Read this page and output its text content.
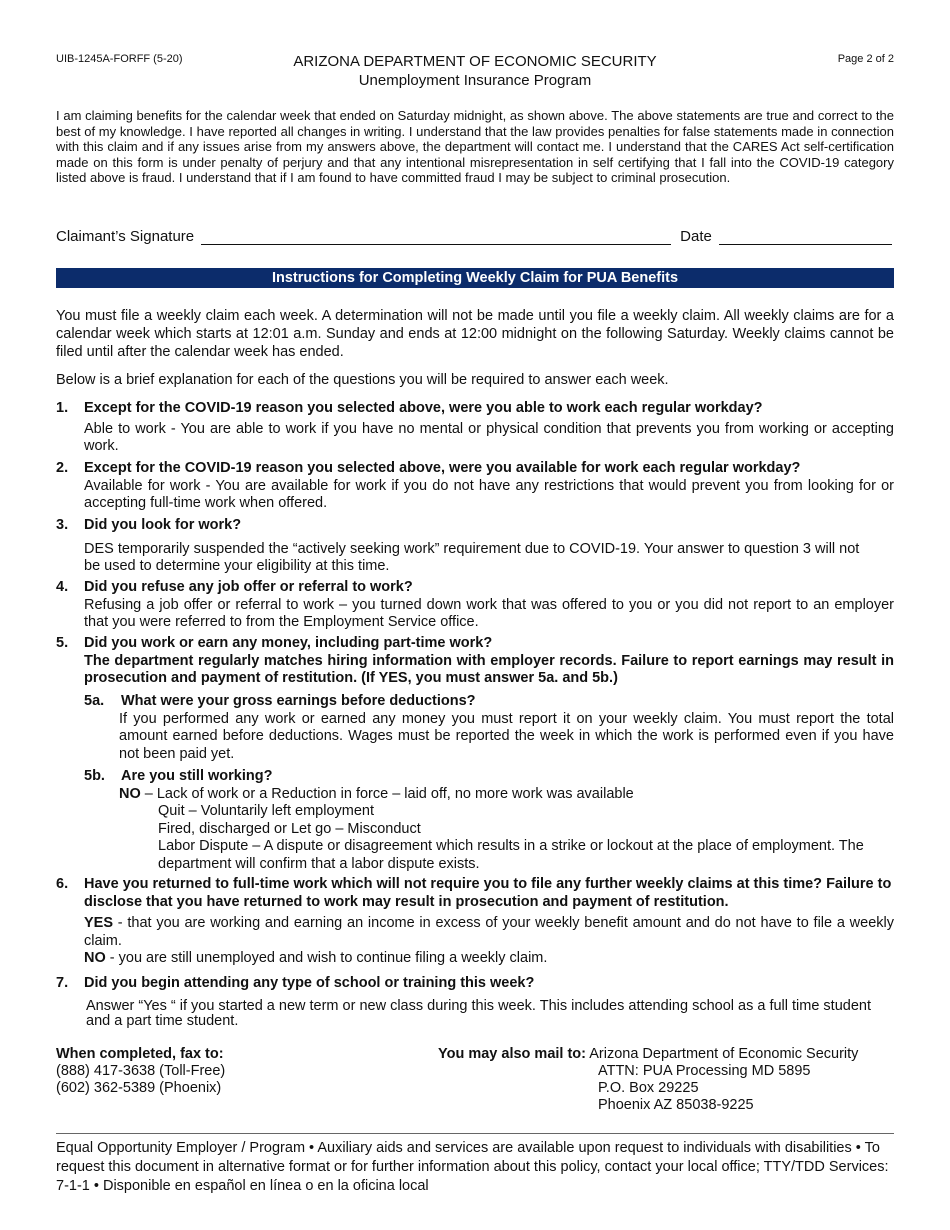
UIB-1245A-FORFF (5-20)	ARIZONA DEPARTMENT OF ECONOMIC SECURITY
Unemployment Insurance Program
Page 2 of 2
I am claiming benefits for the calendar week that ended on Saturday midnight, as shown above. The above statements are true and correct to the best of my knowledge. I have reported all changes in writing. I understand that the law provides penalties for false statements made in connection with this claim and if any issues arise from my answers above, the department will contact me. I understand that the CARES Act self-certification made on this form is under penalty of perjury and that any intentional misrepresentation in self certifying that I fall into the COVID-19 category listed above is fraud. I understand that if I am found to have committed fraud I may be subject to criminal prosecution.
Claimant’s Signature	Date
Instructions for Completing Weekly Claim for PUA Benefits
You must file a weekly claim each week. A determination will not be made until you file a weekly claim. All weekly claims are for a calendar week which starts at 12:01 a.m. Sunday and ends at 12:00 midnight on the following Saturday. Weekly claims cannot be filed until after the calendar week has ended.
Below is a brief explanation for each of the questions you will be required to answer each week.
1. Except for the COVID-19 reason you selected above, were you able to work each regular workday?
Able to work - You are able to work if you have no mental or physical condition that prevents you from working or accepting work.
2. Except for the COVID-19 reason you selected above, were you available for work each regular workday?
Available for work - You are available for work if you do not have any restrictions that would prevent you from looking for or accepting full-time work when offered.
3. Did you look for work?
DES temporarily suspended the “actively seeking work” requirement due to COVID-19. Your answer to question 3 will not be used to determine your eligibility at this time.
4. Did you refuse any job offer or referral to work?
Refusing a job offer or referral to work – you turned down work that was offered to you or you did not report to an employer that you were referred to from the Employment Service office.
5. Did you work or earn any money, including part-time work?
The department regularly matches hiring information with employer records. Failure to report earnings may result in prosecution and payment of restitution. (If YES, you must answer 5a. and 5b.)
5a. What were your gross earnings before deductions?
If you performed any work or earned any money you must report it on your weekly claim. You must report the total amount earned before deductions. Wages must be reported the week in which the work is performed even if you have not been paid yet.
5b. Are you still working?
NO – Lack of work or a Reduction in force – laid off, no more work was available
Quit – Voluntarily left employment
Fired, discharged or Let go – Misconduct
Labor Dispute – A dispute or disagreement which results in a strike or lockout at the place of employment. The department will confirm that a labor dispute exists.
6. Have you returned to full-time work which will not require you to file any further weekly claims at this time? Failure to disclose that you have returned to work may result in prosecution and payment of restitution.
YES - that you are working and earning an income in excess of your weekly benefit amount and do not have to file a weekly claim.
NO - you are still unemployed and wish to continue filing a weekly claim.
7. Did you begin attending any type of school or training this week?
Answer “Yes “ if you started a new term or new class during this week. This includes attending school as a full time student and a part time student.
When completed, fax to:
(888) 417-3638 (Toll-Free)
(602) 362-5389 (Phoenix)
You may also mail to: Arizona Department of Economic Security
ATTN: PUA Processing MD 5895
P.O. Box 29225
Phoenix AZ 85038-9225
Equal Opportunity Employer / Program • Auxiliary aids and services are available upon request to individuals with disabilities • To request this document in alternative format or for further information about this policy, contact your local office; TTY/TDD Services: 7-1-1 • Disponible en español en línea o en la oficina local
